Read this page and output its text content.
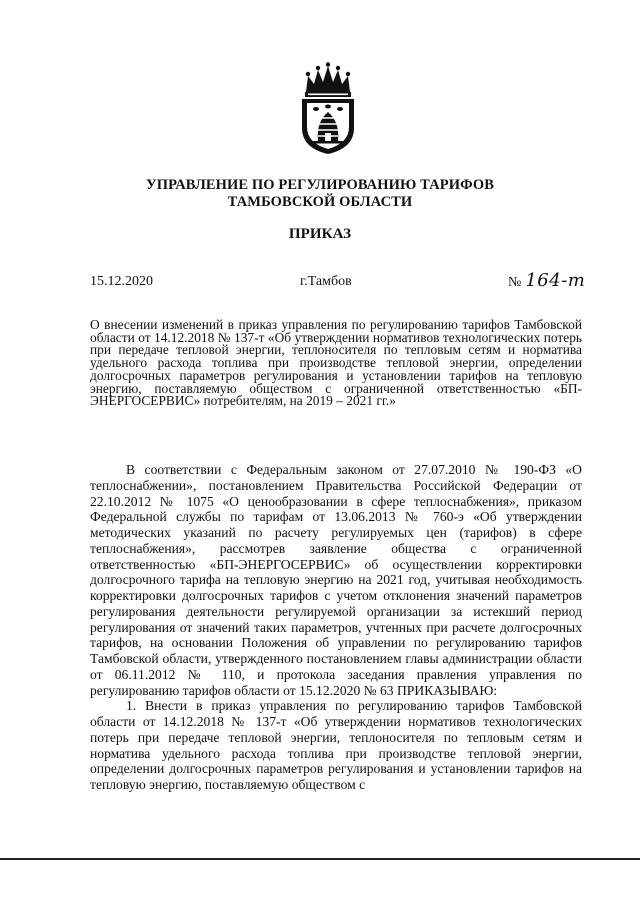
УПРАВЛЕНИЕ ПО РЕГУЛИРОВАНИЮ ТАРИФОВ
ТАМБОВСКОЙ ОБЛАСТИ
ПРИКАЗ
15.12.2020	г.Тамбов	№ 164-т
О внесении изменений в приказ управления по регулированию тарифов Тамбовской области от 14.12.2018 № 137-т «Об утверждении нормативов технологических потерь при передаче тепловой энергии, теплоносителя по тепловым сетям и норматива удельного расхода топлива при производстве тепловой энергии, определении долгосрочных параметров регулирования и установлении тарифов на тепловую энергию, поставляемую обществом с ограниченной ответственностью «БП-ЭНЕРГОСЕРВИС» потребителям, на 2019 – 2021 гг.»

В соответствии с Федеральным законом от 27.07.2010 № 190-ФЗ «О теплоснабжении», постановлением Правительства Российской Федерации от 22.10.2012 № 1075 «О ценообразовании в сфере теплоснабжения», приказом Федеральной службы по тарифам от 13.06.2013 № 760-э «Об утверждении методических указаний по расчету регулируемых цен (тарифов) в сфере теплоснабжения», рассмотрев заявление общества с ограниченной ответственностью «БП-ЭНЕРГОСЕРВИС» об осуществлении корректировки долгосрочного тарифа на тепловую энергию на 2021 год, учитывая необходимость корректировки долгосрочных тарифов с учетом отклонения значений параметров регулирования деятельности регулируемой организации за истекший период регулирования от значений таких параметров, учтенных при расчете долгосрочных тарифов, на основании Положения об управлении по регулированию тарифов Тамбовской области, утвержденного постановлением главы администрации области от 06.11.2012 № 110, и протокола заседания правления управления по регулированию тарифов области от 15.12.2020 № 63 ПРИКАЗЫВАЮ:

1. Внести в приказ управления по регулированию тарифов Тамбовской области от 14.12.2018 № 137-т «Об утверждении нормативов технологических потерь при передаче тепловой энергии, теплоносителя по тепловым сетям и норматива удельного расхода топлива при производстве тепловой энергии, определении долгосрочных параметров регулирования и установлении тарифов на тепловую энергию, поставляемую обществом с
